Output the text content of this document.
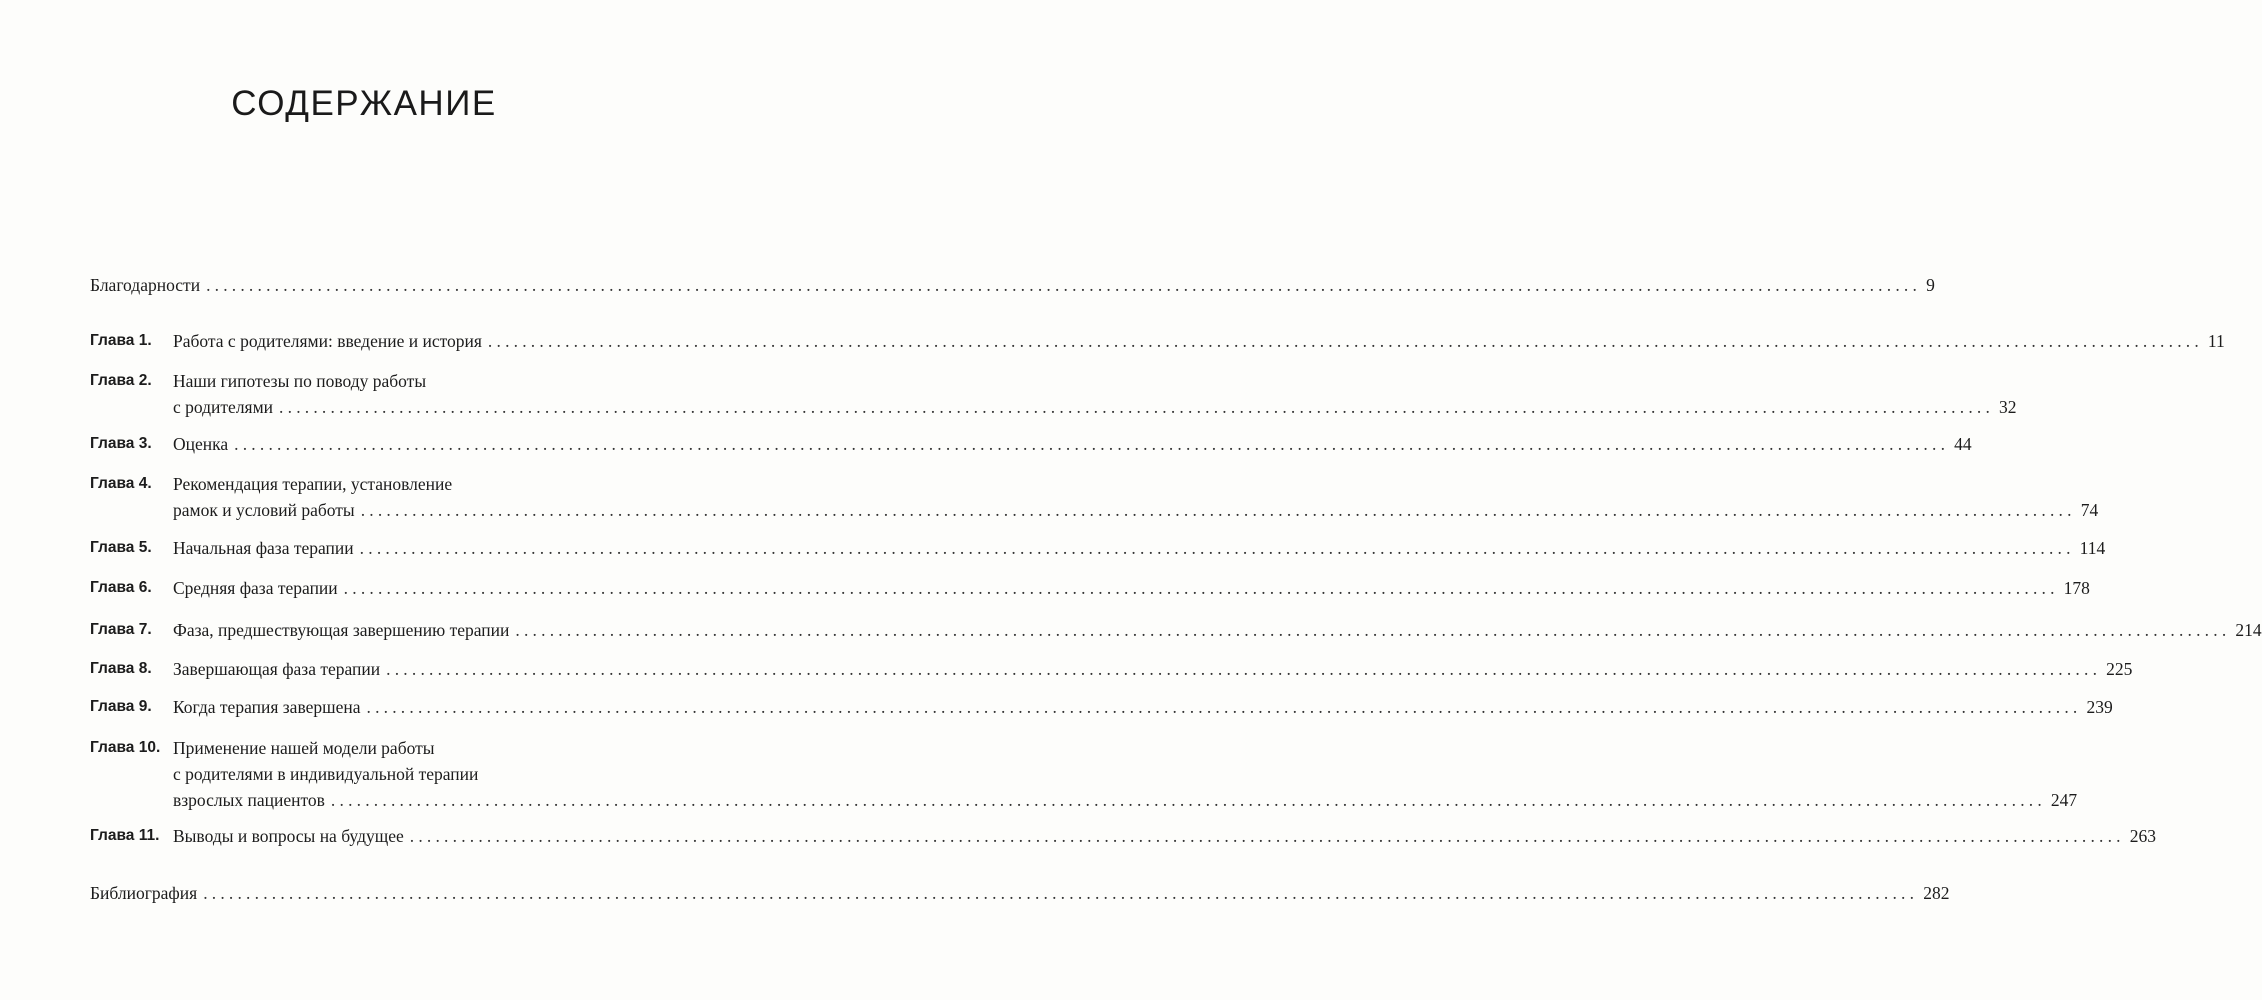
СОДЕРЖАНИЕ
Благодарности ........................................................................................................................................................................................................ 9
Глава 1. Работа с родителями: введение и история ........................................................................................................................................................................................................ 11
Глава 2. Наши гипотезы по поводу работы
с родителями ........................................................................................................................................................................................................ 32
Глава 3. Оценка ........................................................................................................................................................................................................ 44
Глава 4. Рекомендация терапии, установление
рамок и условий работы ........................................................................................................................................................................................................ 74
Глава 5. Начальная фаза терапии ........................................................................................................................................................................................................ 114
Глава 6. Средняя фаза терапии ........................................................................................................................................................................................................ 178
Глава 7. Фаза, предшествующая завершению терапии ........................................................................................................................................................................................................ 214
Глава 8. Завершающая фаза терапии ........................................................................................................................................................................................................ 225
Глава 9. Когда терапия завершена ........................................................................................................................................................................................................ 239
Глава 10. Применение нашей модели работы
с родителями в индивидуальной терапии
взрослых пациентов ........................................................................................................................................................................................................ 247
Глава 11. Выводы и вопросы на будущее ........................................................................................................................................................................................................ 263
Библиография ........................................................................................................................................................................................................ 282
